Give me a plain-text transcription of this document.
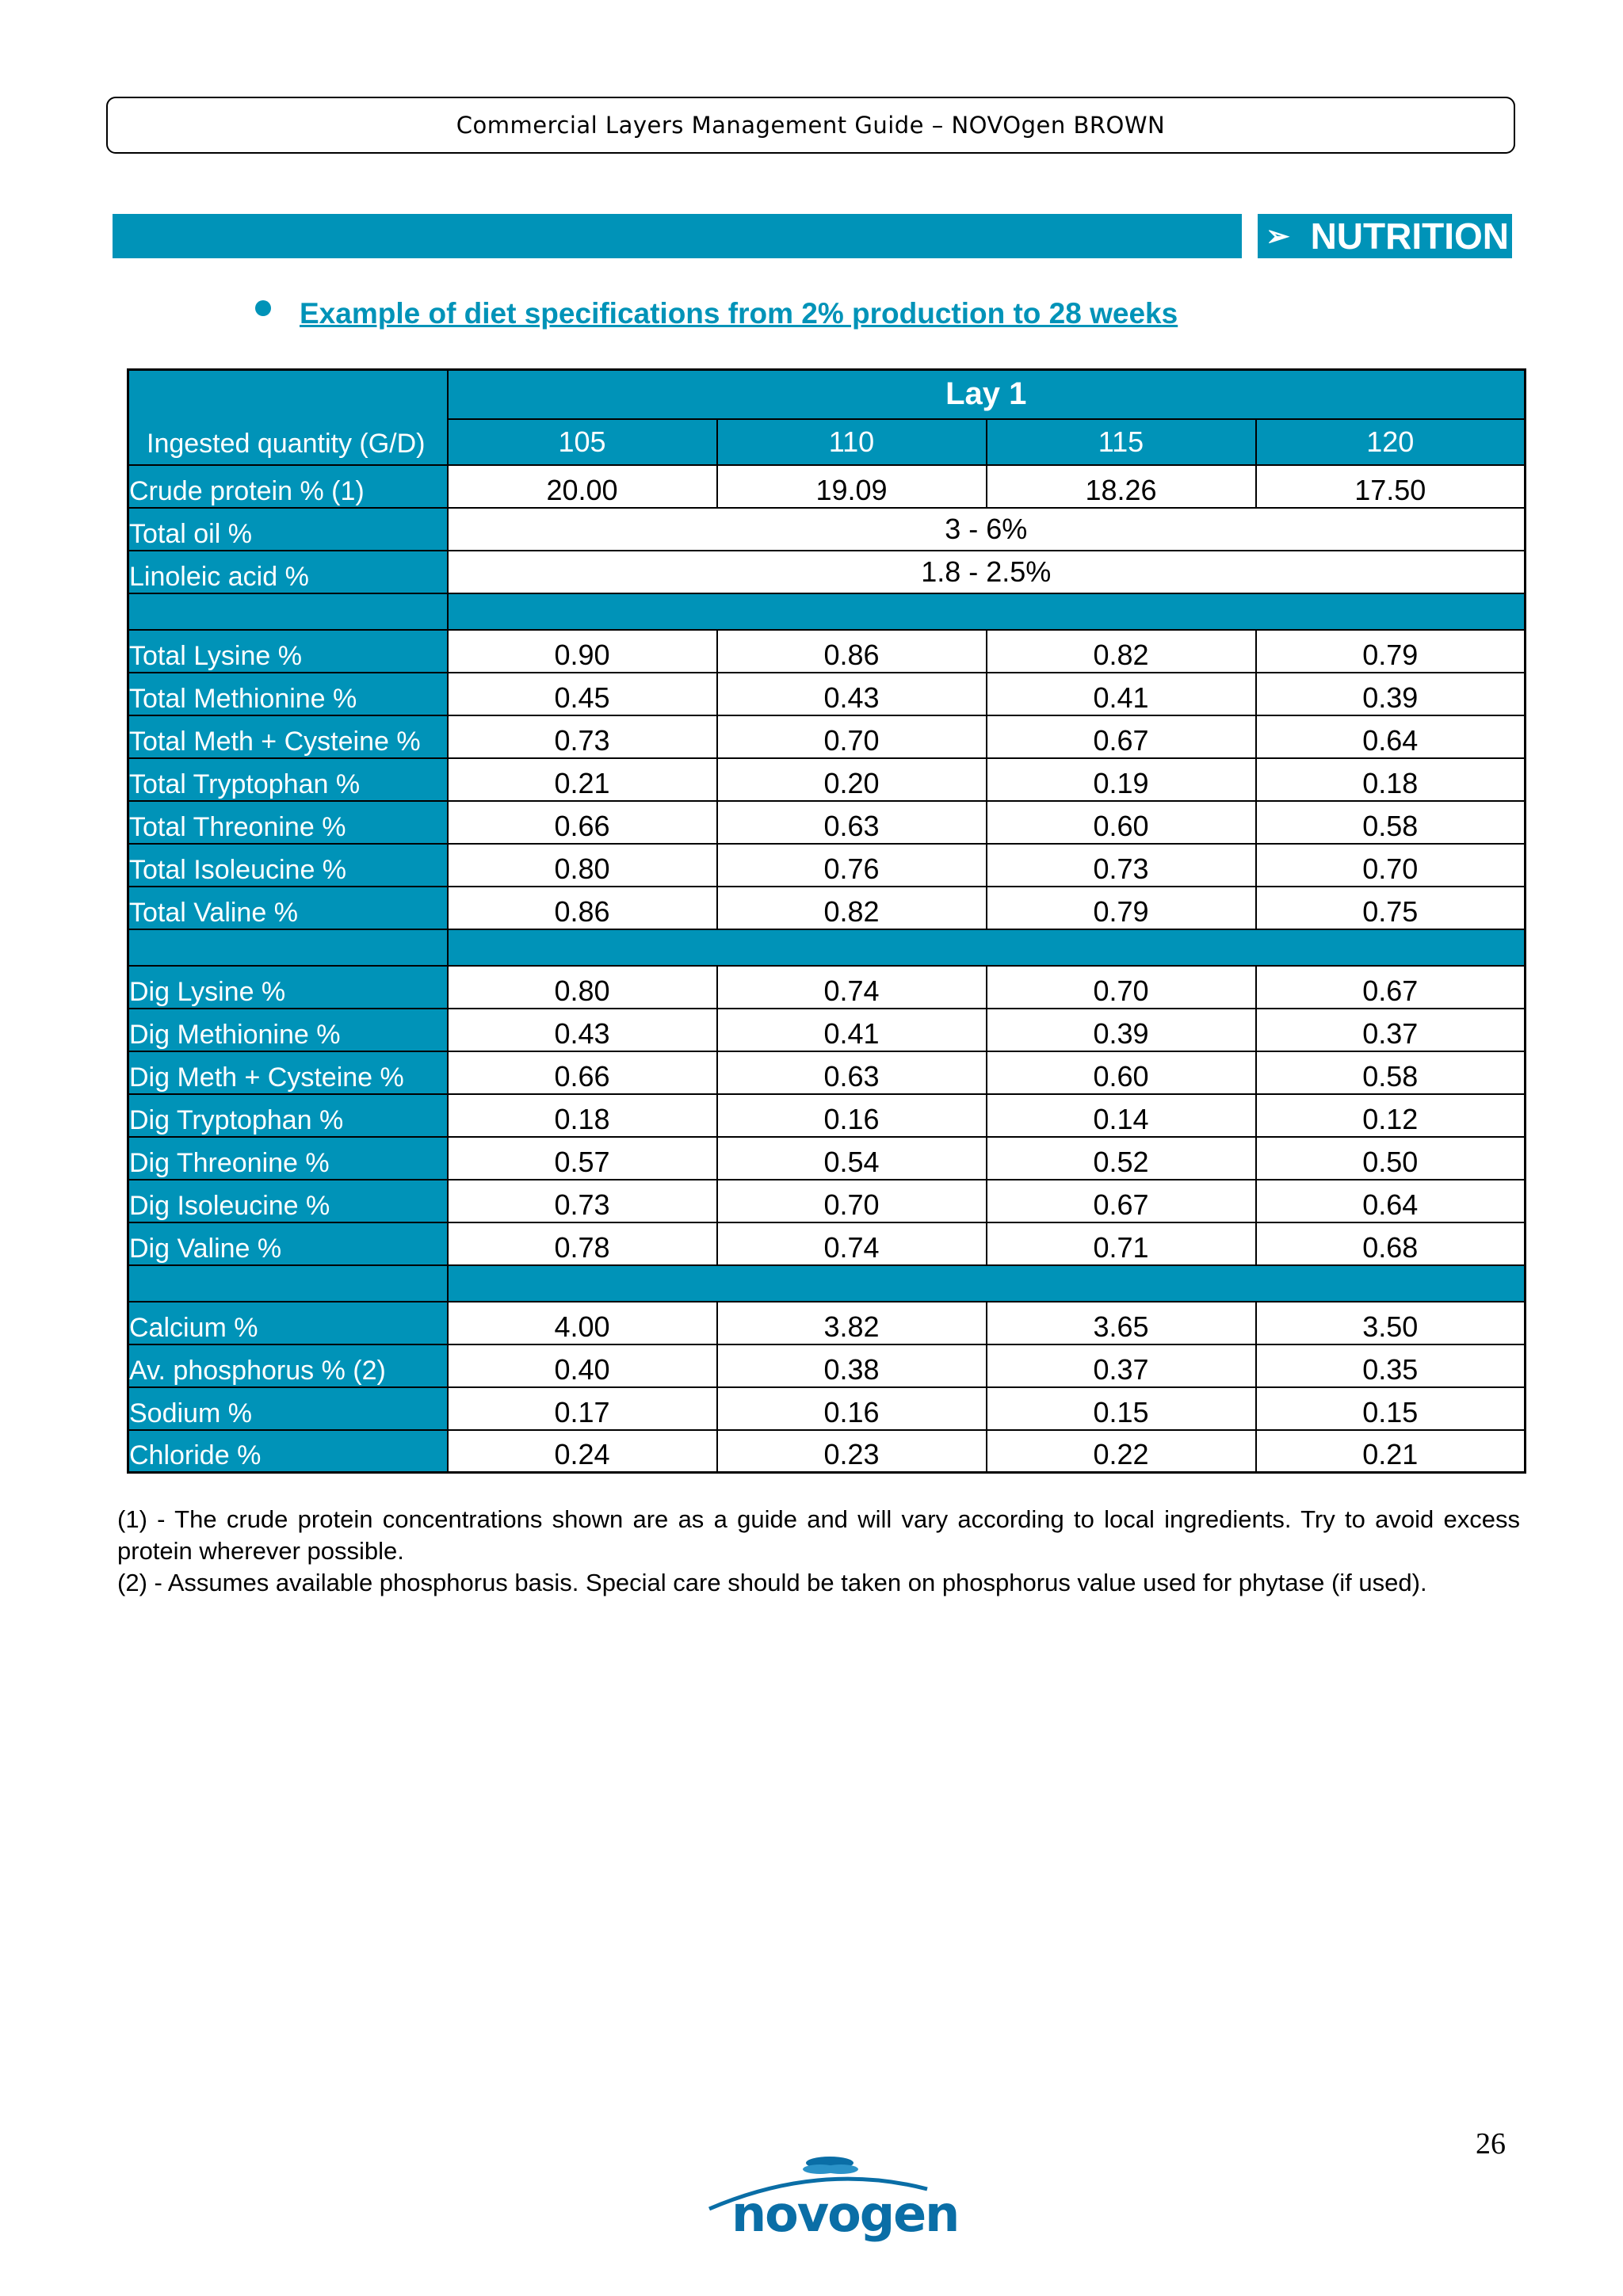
Commercial Layers Management Guide – NOVOgen BROWN
➢ NUTRITION
Example of diet specifications from 2% production to 28 weeks
Ingested quantity (G/D)	Lay 1			
	105	110	115	120
Crude protein % (1)	20.00	19.09	18.26	17.50
Total oil %	3 - 6%			
Linoleic acid %	1.8 - 2.5%			

Total Lysine %	0.90	0.86	0.82	0.79
Total Methionine %	0.45	0.43	0.41	0.39
Total Meth + Cysteine %	0.73	0.70	0.67	0.64
Total Tryptophan %	0.21	0.20	0.19	0.18
Total Threonine %	0.66	0.63	0.60	0.58
Total Isoleucine %	0.80	0.76	0.73	0.70
Total Valine %	0.86	0.82	0.79	0.75

Dig Lysine %	0.80	0.74	0.70	0.67
Dig Methionine %	0.43	0.41	0.39	0.37
Dig Meth + Cysteine %	0.66	0.63	0.60	0.58
Dig Tryptophan %	0.18	0.16	0.14	0.12
Dig Threonine %	0.57	0.54	0.52	0.50
Dig Isoleucine %	0.73	0.70	0.67	0.64
Dig Valine %	0.78	0.74	0.71	0.68

Calcium %	4.00	3.82	3.65	3.50
Av. phosphorus % (2)	0.40	0.38	0.37	0.35
Sodium %	0.17	0.16	0.15	0.15
Chloride %	0.24	0.23	0.22	0.21
(1) - The crude protein concentrations shown are as a guide and will vary according to local ingredients. Try to avoid excess protein wherever possible.
(2) - Assumes available phosphorus basis. Special care should be taken on phosphorus value used for phytase (if used).
26
novogen
